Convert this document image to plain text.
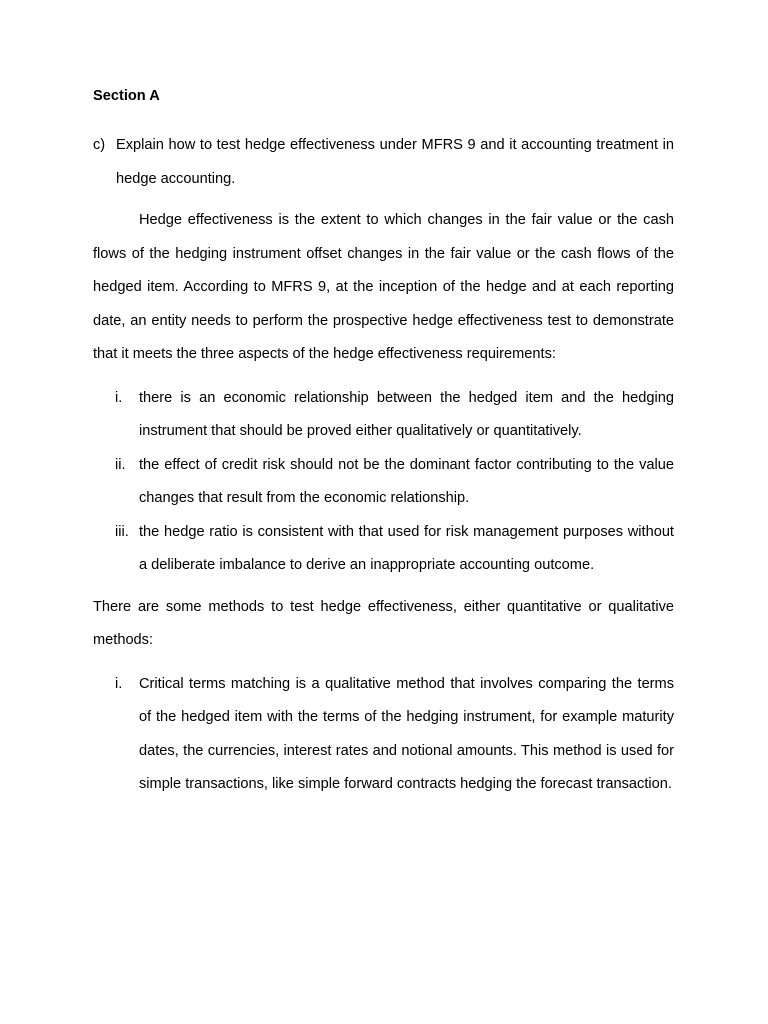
Section A
c) Explain how to test hedge effectiveness under MFRS 9 and it accounting treatment in hedge accounting.

Hedge effectiveness is the extent to which changes in the fair value or the cash flows of the hedging instrument offset changes in the fair value or the cash flows of the hedged item. According to MFRS 9, at the inception of the hedge and at each reporting date, an entity needs to perform the prospective hedge effectiveness test to demonstrate that it meets the three aspects of the hedge effectiveness requirements:

i.	there is an economic relationship between the hedged item and the hedging instrument that should be proved either qualitatively or quantitatively.
ii. the effect of credit risk should not be the dominant factor contributing to the value changes that result from the economic relationship.
iii. the hedge ratio is consistent with that used for risk management purposes without a deliberate imbalance to derive an inappropriate accounting outcome.

There are some methods to test hedge effectiveness, either quantitative or qualitative methods:

i.	Critical terms matching is a qualitative method that involves comparing the terms of the hedged item with the terms of the hedging instrument, for example maturity dates, the currencies, interest rates and notional amounts. This method is used for simple transactions, like simple forward contracts hedging the forecast transaction.
